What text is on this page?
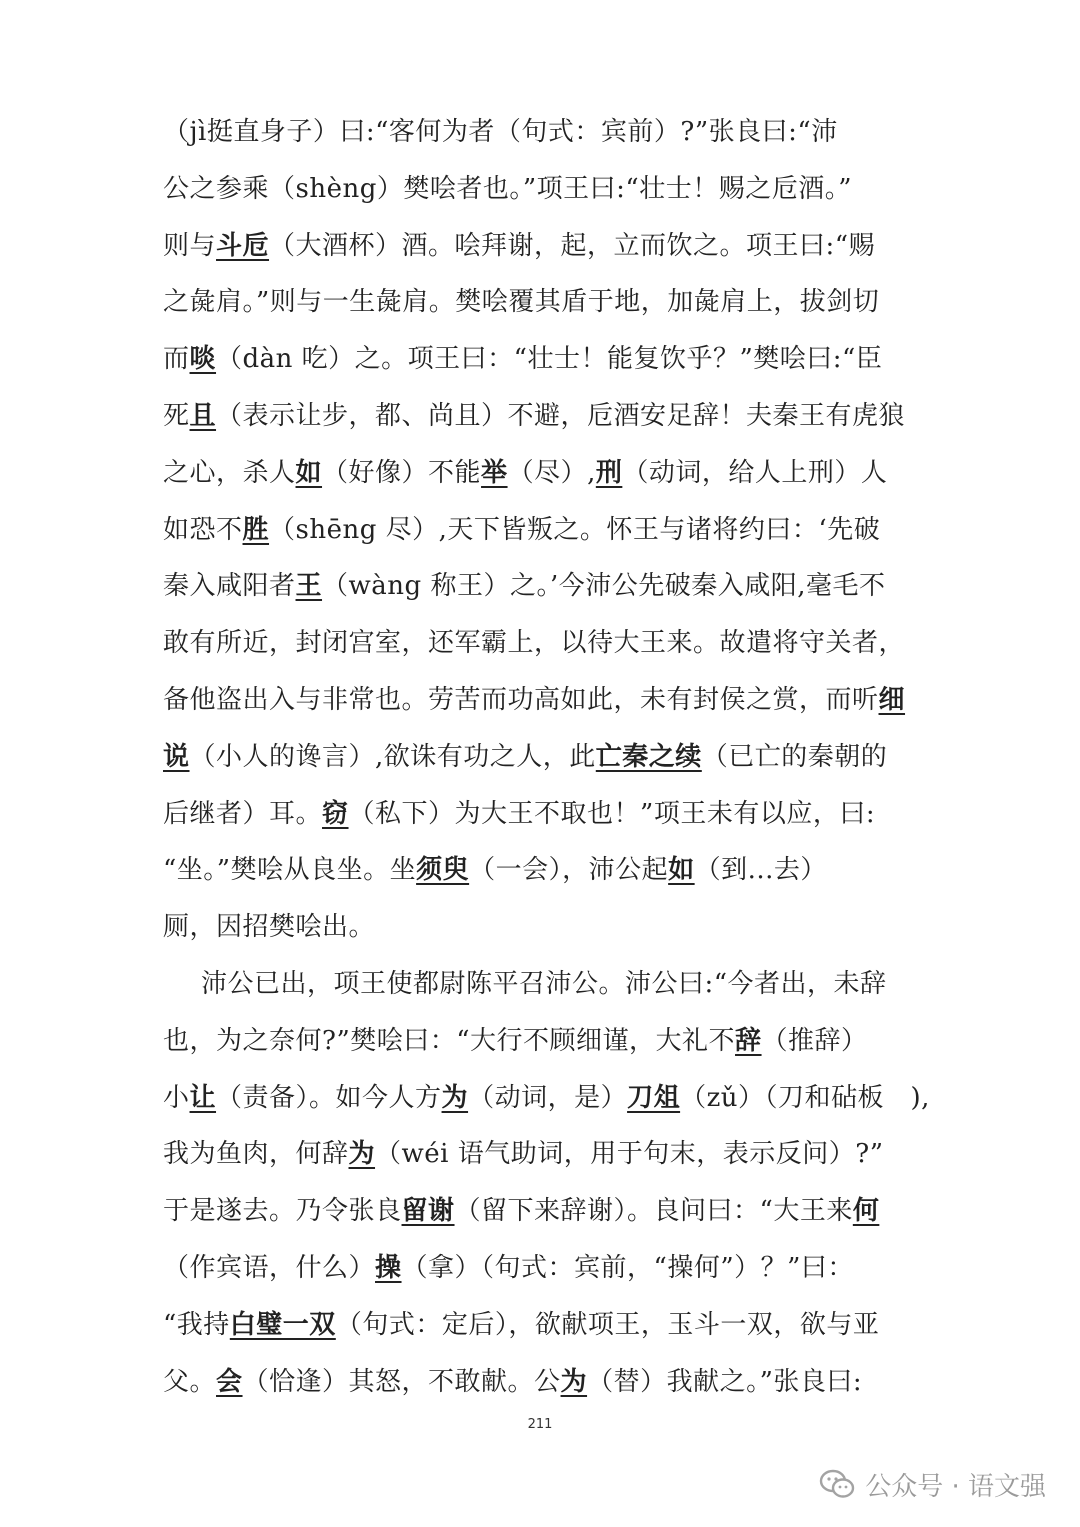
（jì挺直身子）曰:“客何为者（句式：宾前）?”张良曰:“沛
公之参乘（shèng）樊哙者也。”项王曰:“壮士！赐之卮酒。”
则与斗卮（大酒杯）酒。哙拜谢，起，立而饮之。项王曰:“赐
之彘肩。”则与一生彘肩。樊哙覆其盾于地，加彘肩上，拔剑切
而啖（dàn 吃）之。项王曰：“壮士！能复饮乎？”樊哙曰:“臣
死且（表示让步，都、尚且）不避，卮酒安足辞！夫秦王有虎狼
之心，杀人如（好像）不能举（尽）,刑（动词，给人上刑）人
如恐不胜（shēng 尽）,天下皆叛之。怀王与诸将约曰：‘先破
秦入咸阳者王（wàng 称王）之。’今沛公先破秦入咸阳,毫毛不
敢有所近，封闭宫室，还军霸上，以待大王来。故遣将守关者，
备他盗出入与非常也。劳苦而功高如此，未有封侯之赏，而听细
说（小人的谗言）,欲诛有功之人，此亡秦之续（已亡的秦朝的
后继者）耳。窃（私下）为大王不取也！”项王未有以应，曰:
“坐。”樊哙从良坐。坐须臾（一会），沛公起如（到...去）
厕，因招樊哙出。
沛公已出，项王使都尉陈平召沛公。沛公曰:“今者出，未辞
也，为之奈何?”樊哙曰：“大行不顾细谨，大礼不辞（推辞）
小让（责备）。如今人方为（动词，是）刀俎（zǔ）（刀和砧板　),
我为鱼肉，何辞为（wéi 语气助词，用于句末，表示反问）?”
于是遂去。乃令张良留谢（留下来辞谢）。良问曰：“大王来何
（作宾语，什么）操（拿）（句式：宾前，“操何”）？”曰：
“我持白璧一双（句式：定后），欲献项王，玉斗一双，欲与亚
父。会（恰逢）其怒，不敢献。公为（替）我献之。”张良曰:
211
公众号 · 语文强
